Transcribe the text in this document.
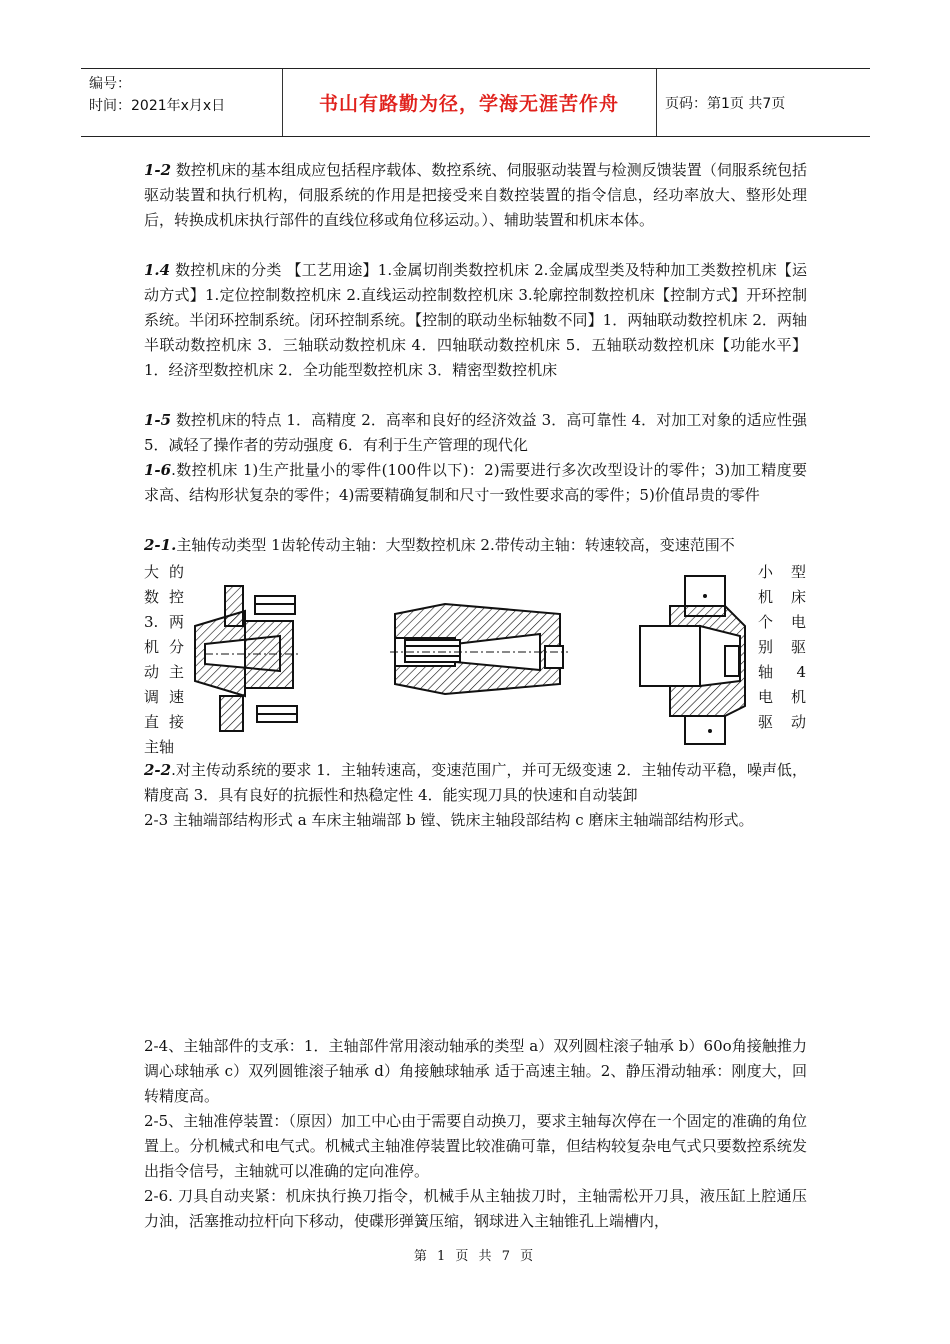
编号：
时间：2021年x月x日	书山有路勤为径，学海无涯苦作舟	页码：第1页 共7页

1-2 数控机床的基本组成应包括程序载体、数控系统、伺服驱动装置与检测反馈装置（伺服系统包括驱动装置和执行机构，伺服系统的作用是把接受来自数控装置的指令信息，经功率放大、整形处理后，转换成机床执行部件的直线位移或角位移运动。）、辅助装置和机床本体。

1.4 数控机床的分类 【工艺用途】1.金属切削类数控机床 2.金属成型类及特种加工类数控机床【运动方式】1.定位控制数控机床 2.直线运动控制数控机床 3.轮廓控制数控机床【控制方式】开环控制系统。半闭环控制系统。闭环控制系统。【控制的联动坐标轴数不同】1．两轴联动数控机床 2．两轴半联动数控机床 3．三轴联动数控机床 4．四轴联动数控机床 5．五轴联动数控机床【功能水平】1．经济型数控机床 2．全功能型数控机床 3．精密型数控机床

1-5 数控机床的特点 1．高精度 2．高率和良好的经济效益 3．高可靠性 4．对加工对象的适应性强 5．减轻了操作者的劳动强度 6．有利于生产管理的现代化

1-6.数控机床 1)生产批量小的零件(100件以下)：2)需要进行多次改型设计的零件；3)加工精度要求高、结构形状复杂的零件；4)需要精确复制和尺寸一致性要求高的零件；5)价值昂贵的零件

2-1.主轴传动类型 1齿轮传动主轴：大型数控机床 2.带传动主轴：转速较高，变速范围不

大 的
数 控
3. 两
机 分
动 主
调 速
直 接
主轴
小 型
机 床
个 电
别 驱
轴 4
电 机
驱 动

2-2.对主传动系统的要求 1．主轴转速高，变速范围广，并可无级变速 2．主轴传动平稳，噪声低，精度高 3．具有良好的抗振性和热稳定性 4．能实现刀具的快速和自动装卸

2-3 主轴端部结构形式 a 车床主轴端部 b 镗、铣床主轴段部结构 c 磨床主轴端部结构形式。

2-4、主轴部件的支承：1．主轴部件常用滚动轴承的类型 a）双列圆柱滚子轴承 b）60o角接触推力调心球轴承 c）双列圆锥滚子轴承 d）角接触球轴承 适于高速主轴。2、静压滑动轴承：刚度大，回转精度高。

2-5、主轴准停装置：（原因）加工中心由于需要自动换刀，要求主轴每次停在一个固定的准确的角位置上。分机械式和电气式。机械式主轴准停装置比较准确可靠，但结构较复杂电气式只要数控系统发出指令信号，主轴就可以准确的定向准停。

2-6. 刀具自动夹紧：机床执行换刀指令，机械手从主轴拔刀时，主轴需松开刀具，液压缸上腔通压力油，活塞推动拉杆向下移动，使碟形弹簧压缩，钢球进入主轴锥孔上端槽内，

第 1 页 共 7 页
